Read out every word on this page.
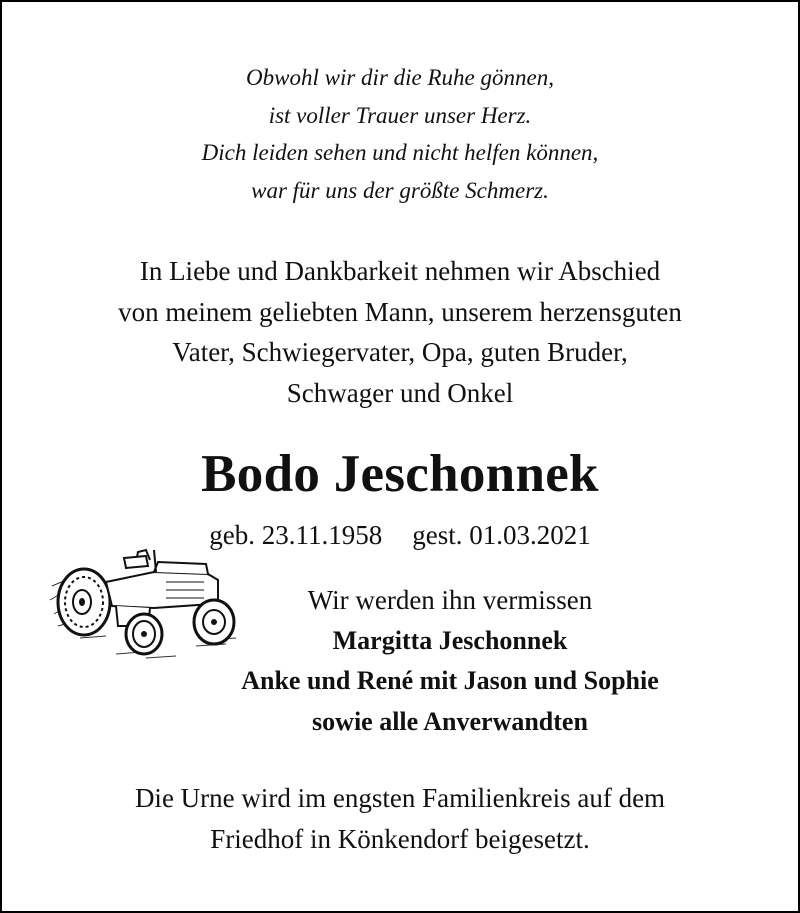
Obwohl wir dir die Ruhe gönnen,
ist voller Trauer unser Herz.
Dich leiden sehen und nicht helfen können,
war für uns der größte Schmerz.
In Liebe und Dankbarkeit nehmen wir Abschied
von meinem geliebten Mann, unserem herzensguten
Vater, Schwiegervater, Opa, guten Bruder,
Schwager und Onkel
Bodo Jeschonnek
geb. 23.11.1958 gest. 01.03.2021
Wir werden ihn vermissen
Margitta Jeschonnek
Anke und René mit Jason und Sophie
sowie alle Anverwandten
Die Urne wird im engsten Familienkreis auf dem
Friedhof in Könkendorf beigesetzt.
